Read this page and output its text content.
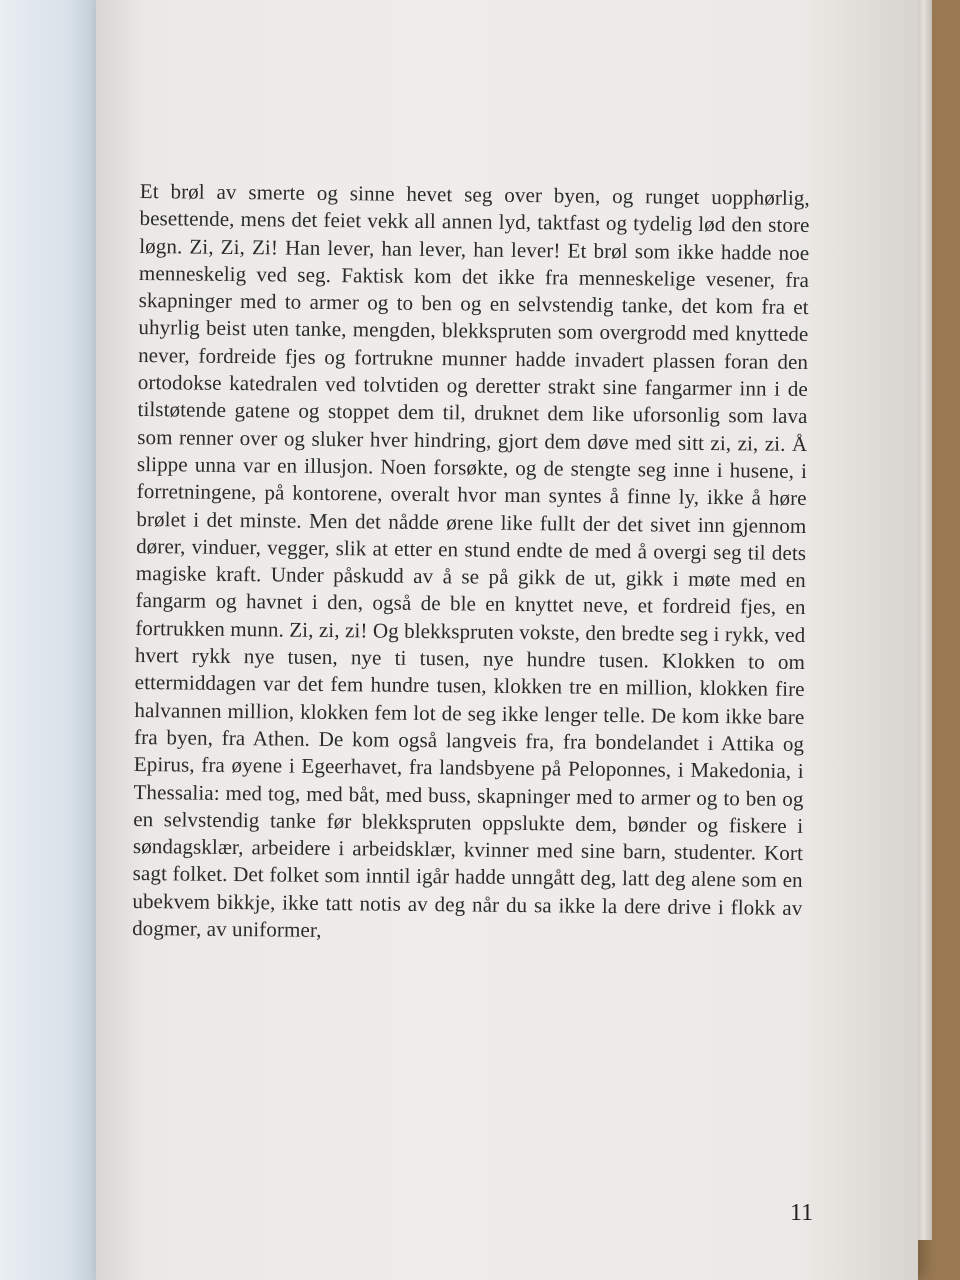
Et brøl av smerte og sinne hevet seg over byen, og runget uopphørlig, besettende, mens det feiet vekk all annen lyd, taktfast og tydelig lød den store løgn. Zi, Zi, Zi! Han lever, han lever, han lever! Et brøl som ikke hadde noe menneskelig ved seg. Faktisk kom det ikke fra menneskelige vesener, fra skapninger med to armer og to ben og en selvstendig tanke, det kom fra et uhyrlig beist uten tanke, mengden, blekkspruten som overgrodd med knyttede never, fordreide fjes og fortrukne munner hadde invadert plassen foran den ortodokse katedralen ved tolvtiden og deretter strakt sine fangarmer inn i de tilstøtende gatene og stoppet dem til, druknet dem like uforsonlig som lava som renner over og sluker hver hindring, gjort dem døve med sitt zi, zi, zi. Å slippe unna var en illusjon. Noen forsøkte, og de stengte seg inne i husene, i forretningene, på kontorene, overalt hvor man syntes å finne ly, ikke å høre brølet i det minste. Men det nådde ørene like fullt der det sivet inn gjennom dører, vinduer, vegger, slik at etter en stund endte de med å overgi seg til dets magiske kraft. Under påskudd av å se på gikk de ut, gikk i møte med en fangarm og havnet i den, også de ble en knyttet neve, et fordreid fjes, en fortrukken munn. Zi, zi, zi! Og blekkspruten vokste, den bredte seg i rykk, ved hvert rykk nye tusen, nye ti tusen, nye hundre tusen. Klokken to om ettermiddagen var det fem hundre tusen, klokken tre en million, klokken fire halvannen million, klokken fem lot de seg ikke lenger telle. De kom ikke bare fra byen, fra Athen. De kom også langveis fra, fra bondelandet i Attika og Epirus, fra øyene i Egeerhavet, fra landsbyene på Peloponnes, i Makedonia, i Thessalia: med tog, med båt, med buss, skapninger med to armer og to ben og en selvstendig tanke før blekkspruten oppslukte dem, bønder og fiskere i søndagsklær, arbeidere i arbeidsklær, kvinner med sine barn, studenter. Kort sagt folket. Det folket som inntil igår hadde unngått deg, latt deg alene som en ubekvem bikkje, ikke tatt notis av deg når du sa ikke la dere drive i flokk av dogmer, av uniformer,

11
